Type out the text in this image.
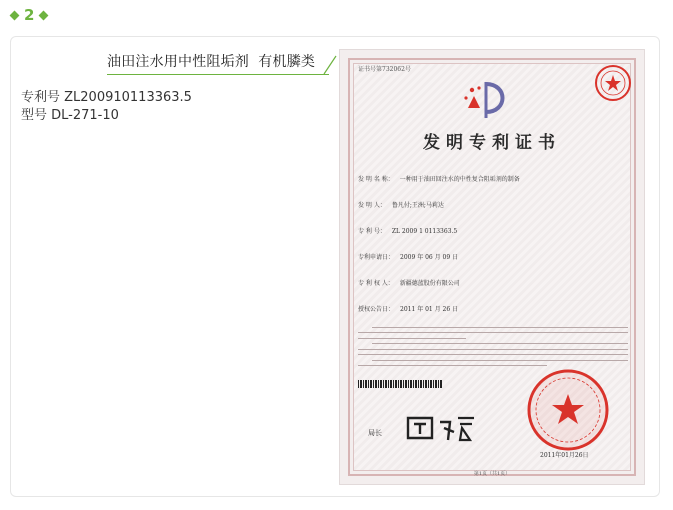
2
油田注水用中性阻垢剂  有机膦类
专利号 ZL200910113363.5
型号 DL-271-10
证书号第732062号
发明专利证书
发 明 名 称： 一种用于油田回注水的中性复合阻垢剂的制备
发 明 人： 鲁凡付;王洲;马莉达
专 利 号： ZL 2009 1 0113363.5
专利申请日： 2009 年 06 月 09 日
专 利 权 人： 新疆德蓝股份有限公司
授权公告日： 2011 年 01 月 26 日
局长
2011年01月26日
第1页（共1页）
